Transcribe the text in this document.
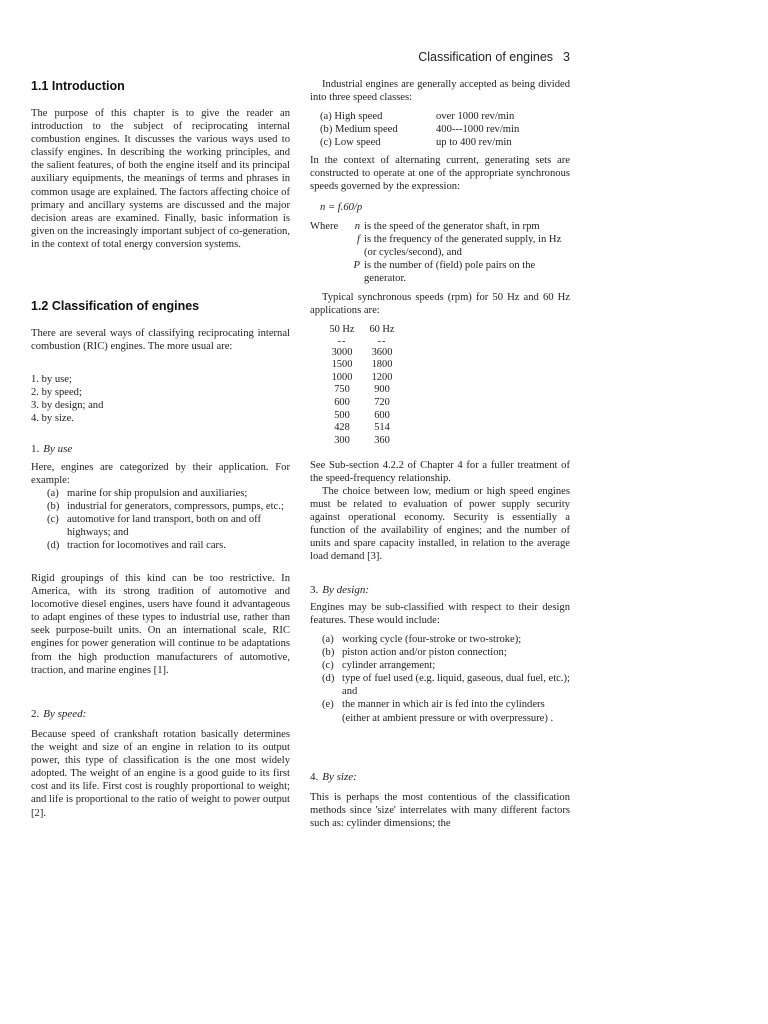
Classification of engines 3
1.1 Introduction

The purpose of this chapter is to give the reader an introduction to the subject of reciprocating internal combustion engines. It discusses the various ways used to classify engines. In describing the working principles, and the salient features, of both the engine itself and its principal auxiliary equipments, the meanings of terms and phrases in common usage are explained. The factors affecting choice of primary and ancillary systems are discussed and the major decision areas are examined. Finally, basic information is given on the increasingly important subject of co-generation, in the context of total energy conversion systems.

1.2 Classification of engines

There are several ways of classifying reciprocating internal combustion (RIC) engines. The more usual are:

1. by use;
2. by speed;
3. by design; and
4. by size.
1. By use

Here, engines are categorized by their application. For example:

(a) marine for ship propulsion and auxiliaries;
(b) industrial for generators, compressors, pumps, etc.;
(c) automotive for land transport, both on and off highways; and
(d) traction for locomotives and rail cars.

Rigid groupings of this kind can be too restrictive. In America, with its strong tradition of automotive and locomotive diesel engines, users have found it advantageous to adapt engines of these types to industrial use, rather than seek purpose-built units. On an international scale, RIC engines for power generation will continue to be adaptations from the high production manufacturers of automotive, traction, and marine engines [1].

2. By speed:

Because speed of crankshaft rotation basically determines the weight and size of an engine in relation to its output power, this type of classification is the one most widely adopted. The weight of an engine is a good guide to its first cost and its life. First cost is roughly proportional to weight; and life is proportional to the ratio of weight to power output [2].

Industrial engines are generally accepted as being divided into three speed classes:

(a) High speed	over 1000 rev/min
(b) Medium speed	400---1000 rev/min
(c) Low speed	up to 400 rev/min

In the context of alternating current, generating sets are constructed to operate at one of the appropriate synchronous speeds governed by the expression:

n = f.60/p
Where	n is the speed of the generator shaft, in rpm
f is the frequency of the generated supply, in Hz (or cycles/second), and
P is the number of (field) pole pairs on the generator.

Typical synchronous speeds (rpm) for 50 Hz and 60 Hz applications are:

50 Hz	60 Hz
--	--
3000	3600
1500	1800
1000	1200
750	900
600	720
500	600
428	514
300	360

See Sub-section 4.2.2 of Chapter 4 for a fuller treatment of the speed-frequency relationship.

The choice between low, medium or high speed engines must be related to evaluation of power supply security against operational economy. Security is essentially a function of the availability of engines; and the number of units and spare capacity installed, in relation to the average load demand [3].

3. By design:

Engines may be sub-classified with respect to their design features. These would include:

(a) working cycle (four-stroke or two-stroke);
(b) piston action and/or piston connection;
(c) cylinder arrangement;
(d) type of fuel used (e.g. liquid, gaseous, dual fuel, etc.);
and
(e) the manner in which air is fed into the cylinders (either at ambient pressure or with overpressure) .
4. By size:

This is perhaps the most contentious of the classification methods since 'size' interrelates with many different factors such as: cylinder dimensions; the
